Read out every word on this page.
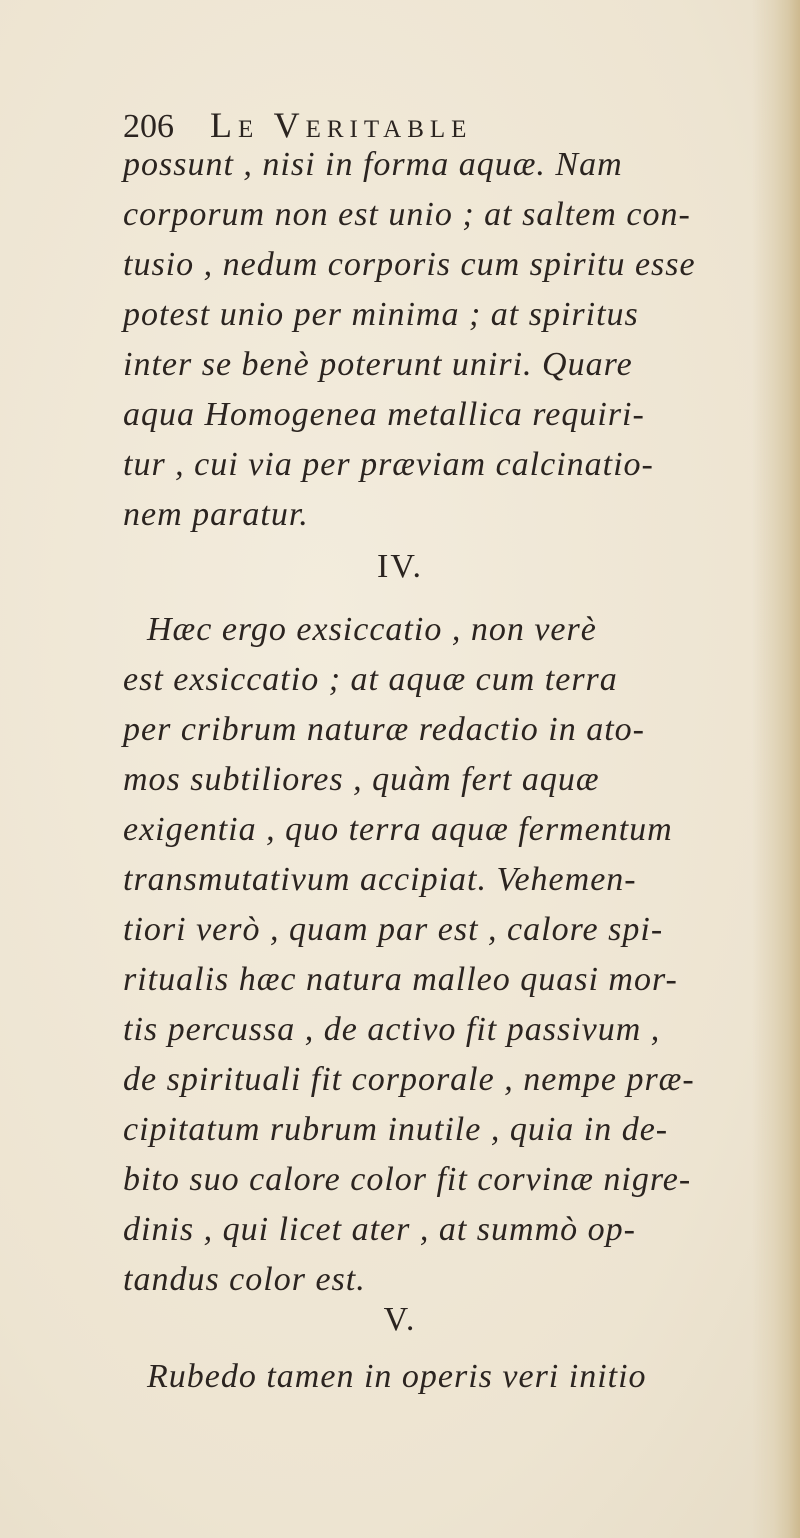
206 Le Veritable
possunt , nisi in forma aquæ. Nam
corporum non est unio ; at saltem con-
tusio , nedum corporis cum spiritu esse
potest unio per minima ; at spiritus
inter se benè poterunt uniri. Quare
aqua Homogenea metallica requiri-
tur , cui via per præviam calcinatio-
nem paratur.
IV.
Hæc ergo exsiccatio , non verè
est exsiccatio ; at aquæ cum terra
per cribrum naturæ redactio in ato-
mos subtiliores , quàm fert aquæ
exigentia , quo terra aquæ fermentum
transmutativum accipiat. Vehemen-
tiori verò , quam par est , calore spi-
ritualis hæc natura malleo quasi mor-
tis percussa , de activo fit passivum ,
de spirituali fit corporale , nempe præ-
cipitatum rubrum inutile , quia in de-
bito suo calore color fit corvinæ nigre-
dinis , qui licet ater , at summò op-
tandus color est.
V.
Rubedo tamen in operis veri initio
